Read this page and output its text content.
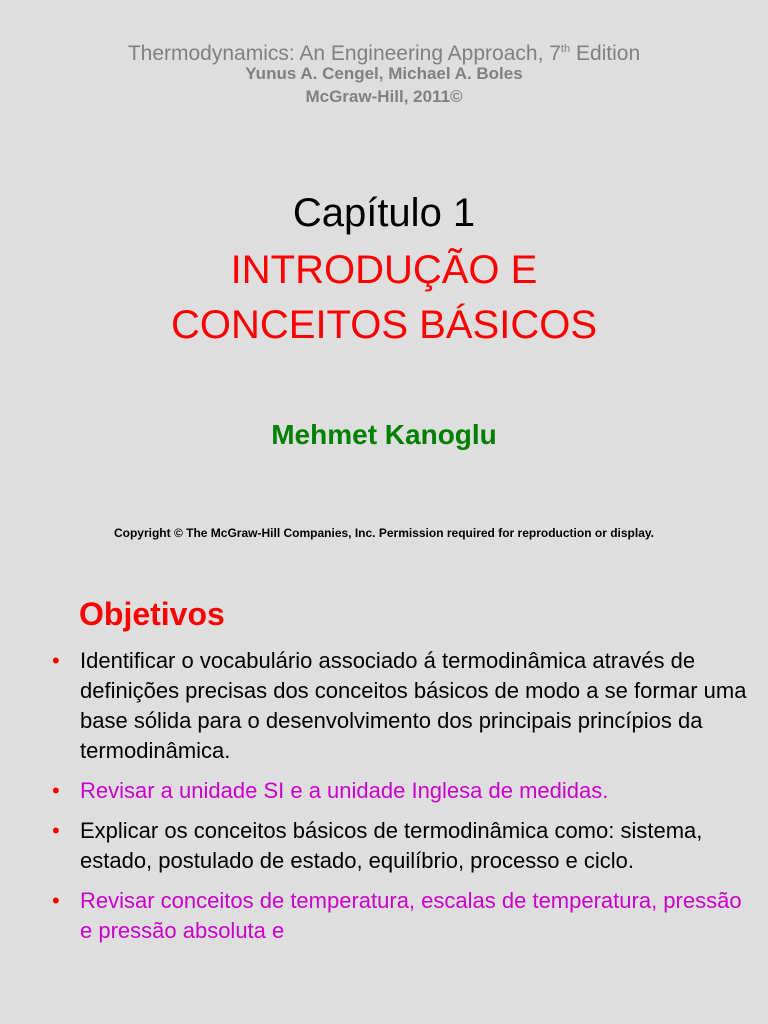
Thermodynamics: An Engineering Approach, 7th Edition
Yunus A. Cengel, Michael A. Boles
McGraw-Hill, 2011©
Capítulo 1
INTRODUÇÃO E
CONCEITOS BÁSICOS
Mehmet Kanoglu
Copyright © The McGraw-Hill Companies, Inc. Permission required for reproduction or display.
Objetivos
• Identificar o vocabulário associado á termodinâmica através de definições precisas dos conceitos básicos de modo a se formar uma base sólida para o desenvolvimento dos principais princípios da termodinâmica.
• Revisar a unidade SI e a unidade Inglesa de medidas.
• Explicar os conceitos básicos de termodinâmica como: sistema, estado, postulado de estado, equilíbrio, processo e ciclo.
• Revisar conceitos de temperatura, escalas de temperatura, pressão e pressão absoluta e
